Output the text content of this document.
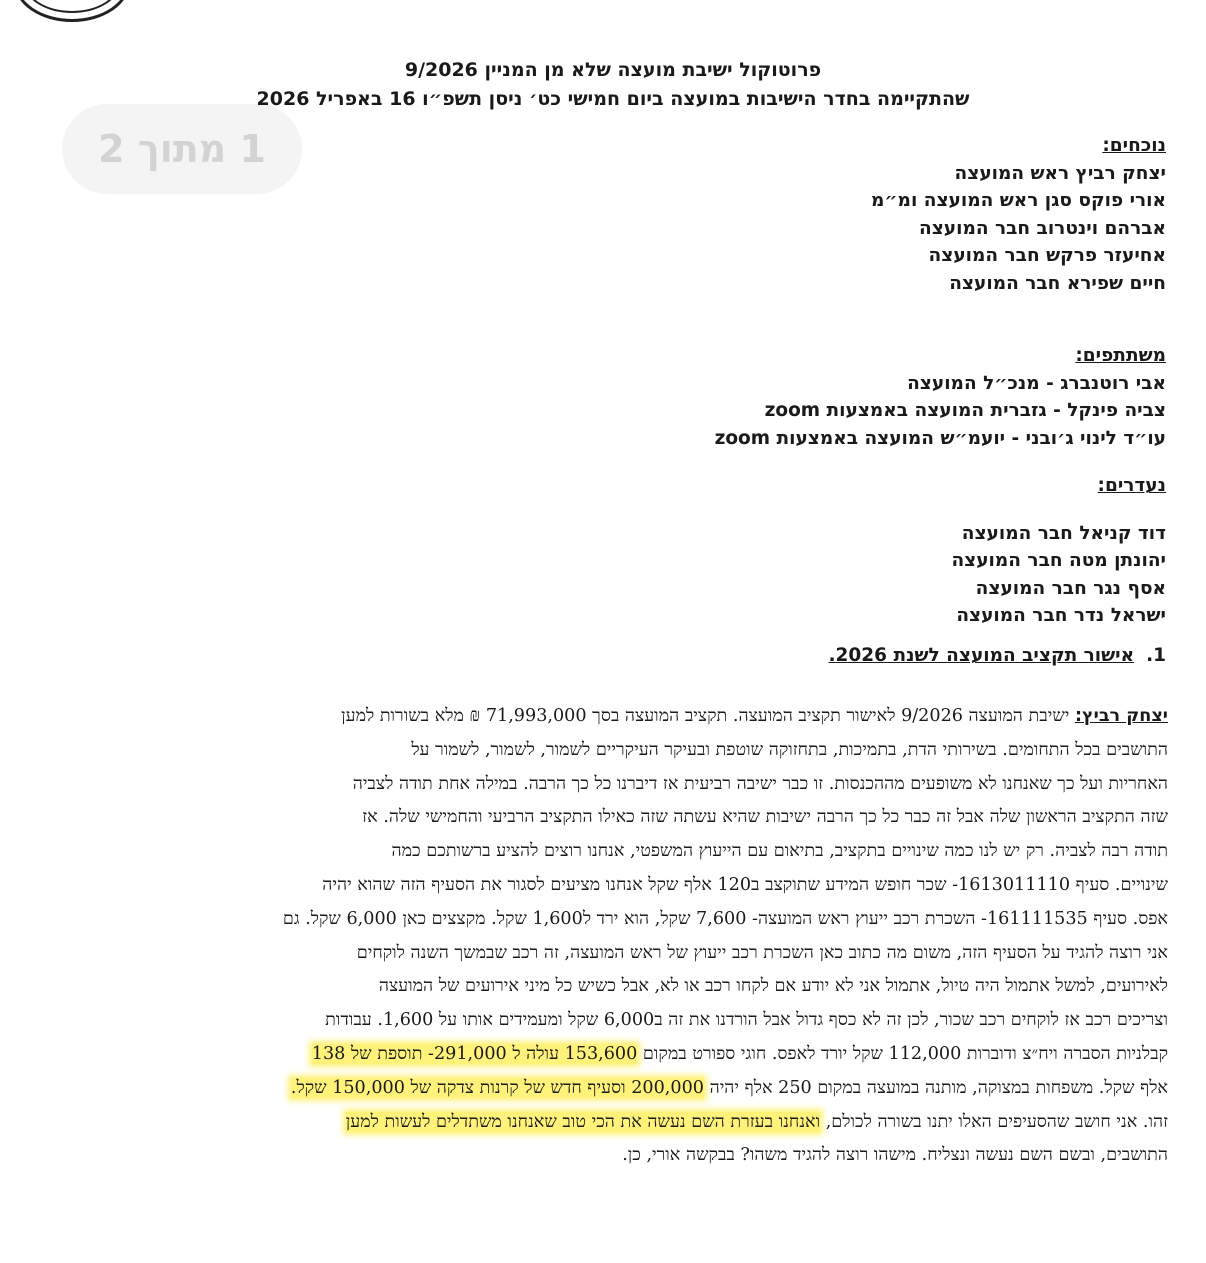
1 מתוך 2
פרוטוקול ישיבת מועצה שלא מן המניין 9/2026
שהתקיימה בחדר הישיבות במועצה ביום חמישי כט׳ ניסן תשפ״ו 16 באפריל 2026
נוכחים:
יצחק רביץ ראש המועצה
אורי פוקס סגן ראש המועצה ומ״מ
אברהם וינטרוב חבר המועצה
אחיעזר פרקש חבר המועצה
חיים שפירא חבר המועצה
משתתפים:
אבי רוטנברג - מנכ״ל המועצה
צביה פינקל - גזברית המועצה באמצעות zoom
עו״ד לינוי ג׳ובני - יועמ״ש המועצה באמצעות zoom
נעדרים:
דוד קניאל חבר המועצה
יהונתן מטה חבר המועצה
אסף נגר חבר המועצה
ישראל נדר חבר המועצה
1.אישור תקציב המועצה לשנת 2026.
יצחק רביץ: ישיבת המועצה 9/2026 לאישור תקציב המועצה. תקציב המועצה בסך 71,993,000 ₪ מלא בשורות למען
התושבים בכל התחומים. בשירותי הדת, בתמיכות, בתחזוקה שוטפת ובעיקר העיקריים לשמור, לשמור, לשמור על
האחריות ועל כך שאנחנו לא משופעים מההכנסות. זו כבר ישיבה רביעית אז דיברנו כל כך הרבה. במילה אחת תודה לצביה
שזה התקציב הראשון שלה אבל זה כבר כל כך הרבה ישיבות שהיא עשתה שזה כאילו התקציב הרביעי והחמישי שלה. אז
תודה רבה לצביה. רק יש לנו כמה שינויים בתקציב, בתיאום עם הייעוץ המשפטי, אנחנו רוצים להציע ברשותכם כמה
שינויים. סעיף 1613011110- שכר חופש המידע שתוקצב ב120 אלף שקל אנחנו מציעים לסגור את הסעיף הזה שהוא יהיה
אפס. סעיף 161111535- השכרת רכב ייעוץ ראש המועצה- 7,600 שקל, הוא ירד ל1,600 שקל. מקצצים כאן 6,000 שקל. גם
אני רוצה להגיד על הסעיף הזה, משום מה כתוב כאן השכרת רכב ייעוץ של ראש המועצה, זה רכב שבמשך השנה לוקחים
לאירועים, למשל אתמול היה טיול, אתמול אני לא יודע אם לקחו רכב או לא, אבל כשיש כל מיני אירועים של המועצה
וצריכים רכב אז לוקחים רכב שכור, לכן זה לא כסף גדול אבל הורדנו את זה ב6,000 שקל ומעמידים אותו על 1,600. עבודות
קבלניות הסברה ויח״צ ודוברות 112,000 שקל יורד לאפס. חוגי ספורט במקום 153,600 עולה ל 291,000- תוספת של 138
אלף שקל. משפחות במצוקה, מותנה במועצה במקום 250 אלף יהיה 200,000 וסעיף חדש של קרנות צדקה של 150,000 שקל.
זהו. אני חושב שהסעיפים האלו יתנו בשורה לכולם, ואנחנו בעזרת השם נעשה את הכי טוב שאנחנו משתדלים לעשות למען
התושבים, ובשם השם נעשה ונצליח. מישהו רוצה להגיד משהו? בבקשה אורי, כן.
